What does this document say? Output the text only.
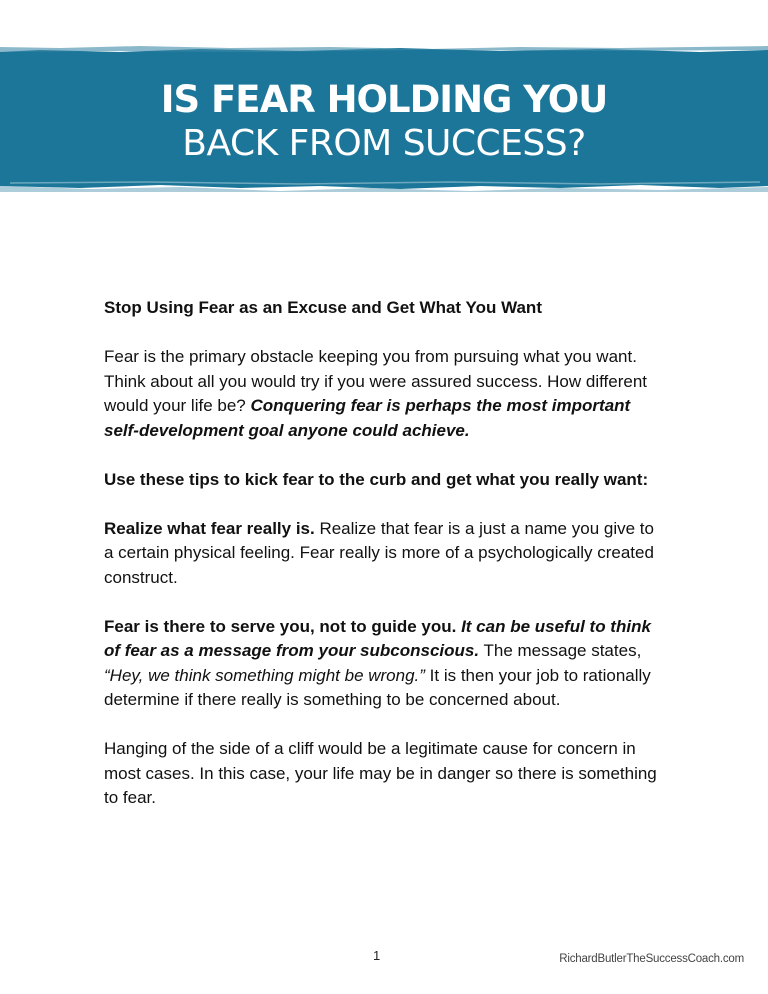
IS FEAR HOLDING YOU
BACK FROM SUCCESS?

Stop Using Fear as an Excuse and Get What You Want

Fear is the primary obstacle keeping you from pursuing what you want. Think about all you would try if you were assured success. How different would your life be? Conquering fear is perhaps the most important self-development goal anyone could achieve.

Use these tips to kick fear to the curb and get what you really want:

Realize what fear really is. Realize that fear is a just a name you give to a certain physical feeling. Fear really is more of a psychologically created construct.

Fear is there to serve you, not to guide you. It can be useful to think of fear as a message from your subconscious. The message states, “Hey, we think something might be wrong.” It is then your job to rationally determine if there really is something to be concerned about.

Hanging of the side of a cliff would be a legitimate cause for concern in most cases. In this case, your life may be in danger so there is something to fear.

1	RichardButlerTheSuccessCoach.com
